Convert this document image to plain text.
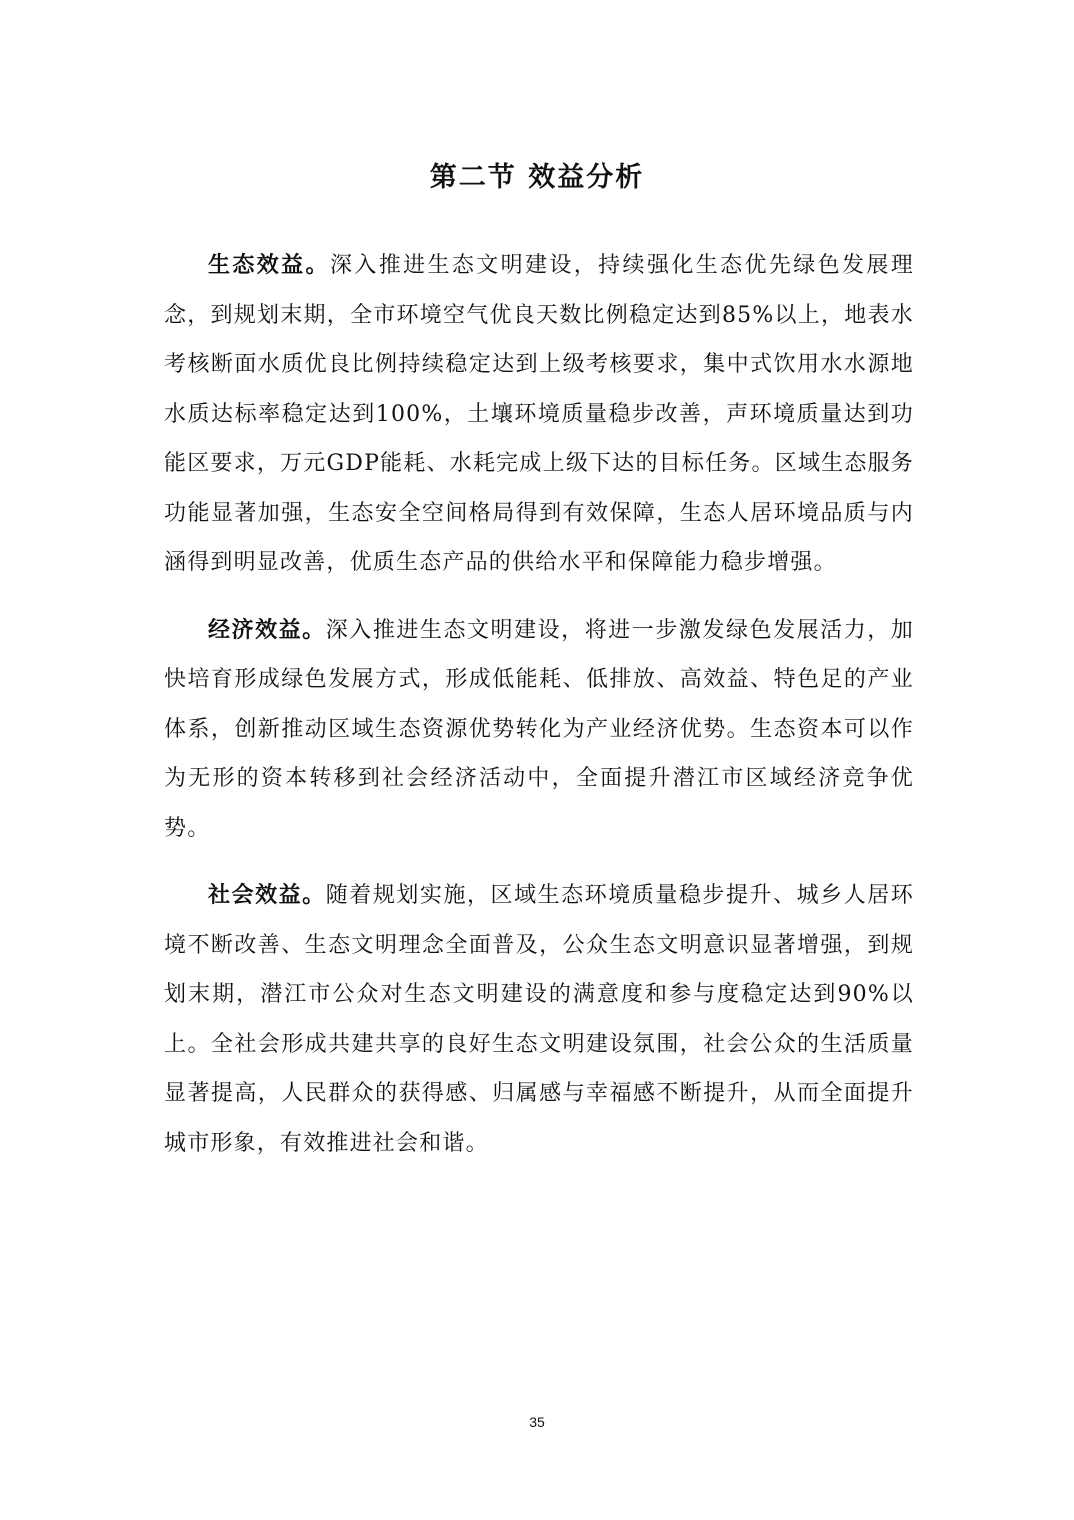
第二节 效益分析

生态效益。深入推进生态文明建设，持续强化生态优先绿色发展理念，到规划末期，全市环境空气优良天数比例稳定达到85%以上，地表水考核断面水质优良比例持续稳定达到上级考核要求，集中式饮用水水源地水质达标率稳定达到100%，土壤环境质量稳步改善，声环境质量达到功能区要求，万元GDP能耗、水耗完成上级下达的目标任务。区域生态服务功能显著加强，生态安全空间格局得到有效保障，生态人居环境品质与内涵得到明显改善，优质生态产品的供给水平和保障能力稳步增强。

经济效益。深入推进生态文明建设，将进一步激发绿色发展活力，加快培育形成绿色发展方式，形成低能耗、低排放、高效益、特色足的产业体系，创新推动区域生态资源优势转化为产业经济优势。生态资本可以作为无形的资本转移到社会经济活动中，全面提升潜江市区域经济竞争优势。

社会效益。随着规划实施，区域生态环境质量稳步提升、城乡人居环境不断改善、生态文明理念全面普及，公众生态文明意识显著增强，到规划末期，潜江市公众对生态文明建设的满意度和参与度稳定达到90%以上。全社会形成共建共享的良好生态文明建设氛围，社会公众的生活质量显著提高，人民群众的获得感、归属感与幸福感不断提升，从而全面提升城市形象，有效推进社会和谐。

35
